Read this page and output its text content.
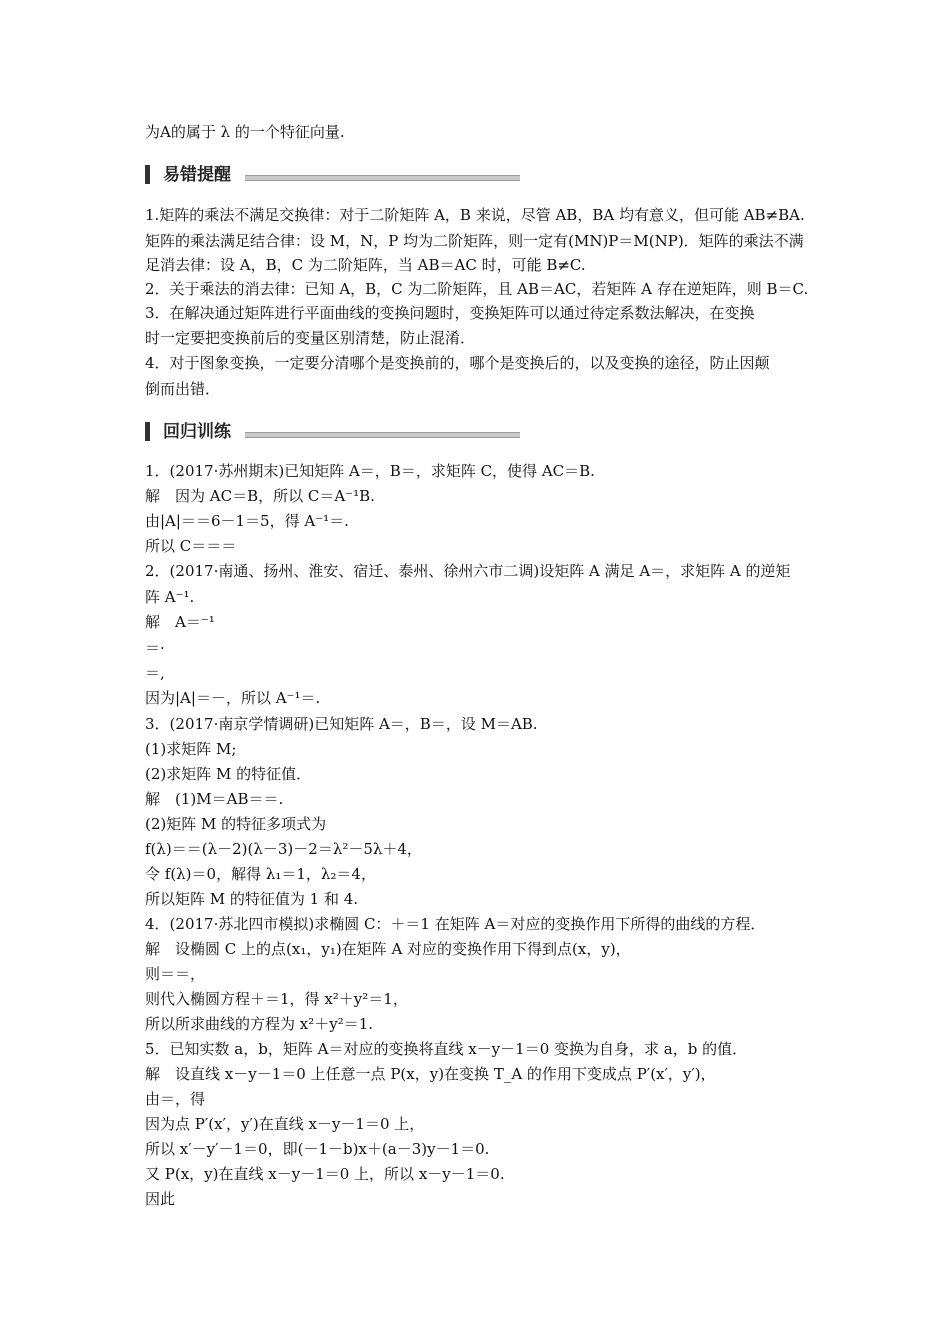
为A的属于 λ 的一个特征向量.
易错提醒
1.矩阵的乘法不满足交换律：对于二阶矩阵 A，B 来说，尽管 AB，BA 均有意义，但可能 AB≠BA.
矩阵的乘法满足结合律：设 M，N，P 均为二阶矩阵，则一定有(MN)P＝M(NP)．矩阵的乘法不满
足消去律：设 A，B，C 为二阶矩阵，当 AB＝AC 时，可能 B≠C.
2．关于乘法的消去律：已知 A，B，C 为二阶矩阵，且 AB＝AC，若矩阵 A 存在逆矩阵，则 B＝C.
3．在解决通过矩阵进行平面曲线的变换问题时，变换矩阵可以通过待定系数法解决，在变换
时一定要把变换前后的变量区别清楚，防止混淆．
4．对于图象变换，一定要分清哪个是变换前的，哪个是变换后的，以及变换的途径，防止因颠
倒而出错．
回归训练
1．(2017·苏州期末)已知矩阵 A＝，B＝，求矩阵 C，使得 AC＝B.
解　因为 AC＝B，所以 C＝A⁻¹B.
由|A|＝＝6－1＝5，得 A⁻¹＝.
所以 C＝＝＝
2．(2017·南通、扬州、淮安、宿迁、泰州、徐州六市二调)设矩阵 A 满足 A＝，求矩阵 A 的逆矩
阵 A⁻¹.
解　A＝⁻¹
＝·
＝,
因为|A|＝－，所以 A⁻¹＝.
3．(2017·南京学情调研)已知矩阵 A＝，B＝，设 M＝AB.
(1)求矩阵 M;
(2)求矩阵 M 的特征值．
解　(1)M＝AB＝＝.
(2)矩阵 M 的特征多项式为
f(λ)＝＝(λ－2)(λ－3)－2＝λ²－5λ＋4，
令 f(λ)＝0，解得 λ₁＝1，λ₂＝4，
所以矩阵 M 的特征值为 1 和 4.
4．(2017·苏北四市模拟)求椭圆 C：＋＝1 在矩阵 A＝对应的变换作用下所得的曲线的方程．
解　设椭圆 C 上的点(x₁，y₁)在矩阵 A 对应的变换作用下得到点(x，y)，
则＝＝，
则代入椭圆方程＋＝1，得 x²＋y²＝1，
所以所求曲线的方程为 x²＋y²＝1.
5．已知实数 a，b，矩阵 A＝对应的变换将直线 x－y－1＝0 变换为自身，求 a，b 的值．
解　设直线 x－y－1＝0 上任意一点 P(x，y)在变换 T_A 的作用下变成点 P′(x′，y′)，
由＝，得
因为点 P′(x′，y′)在直线 x－y－1＝0 上，
所以 x′－y′－1＝0，即(－1－b)x＋(a－3)y－1＝0.
又 P(x，y)在直线 x－y－1＝0 上，所以 x－y－1＝0.
因此
